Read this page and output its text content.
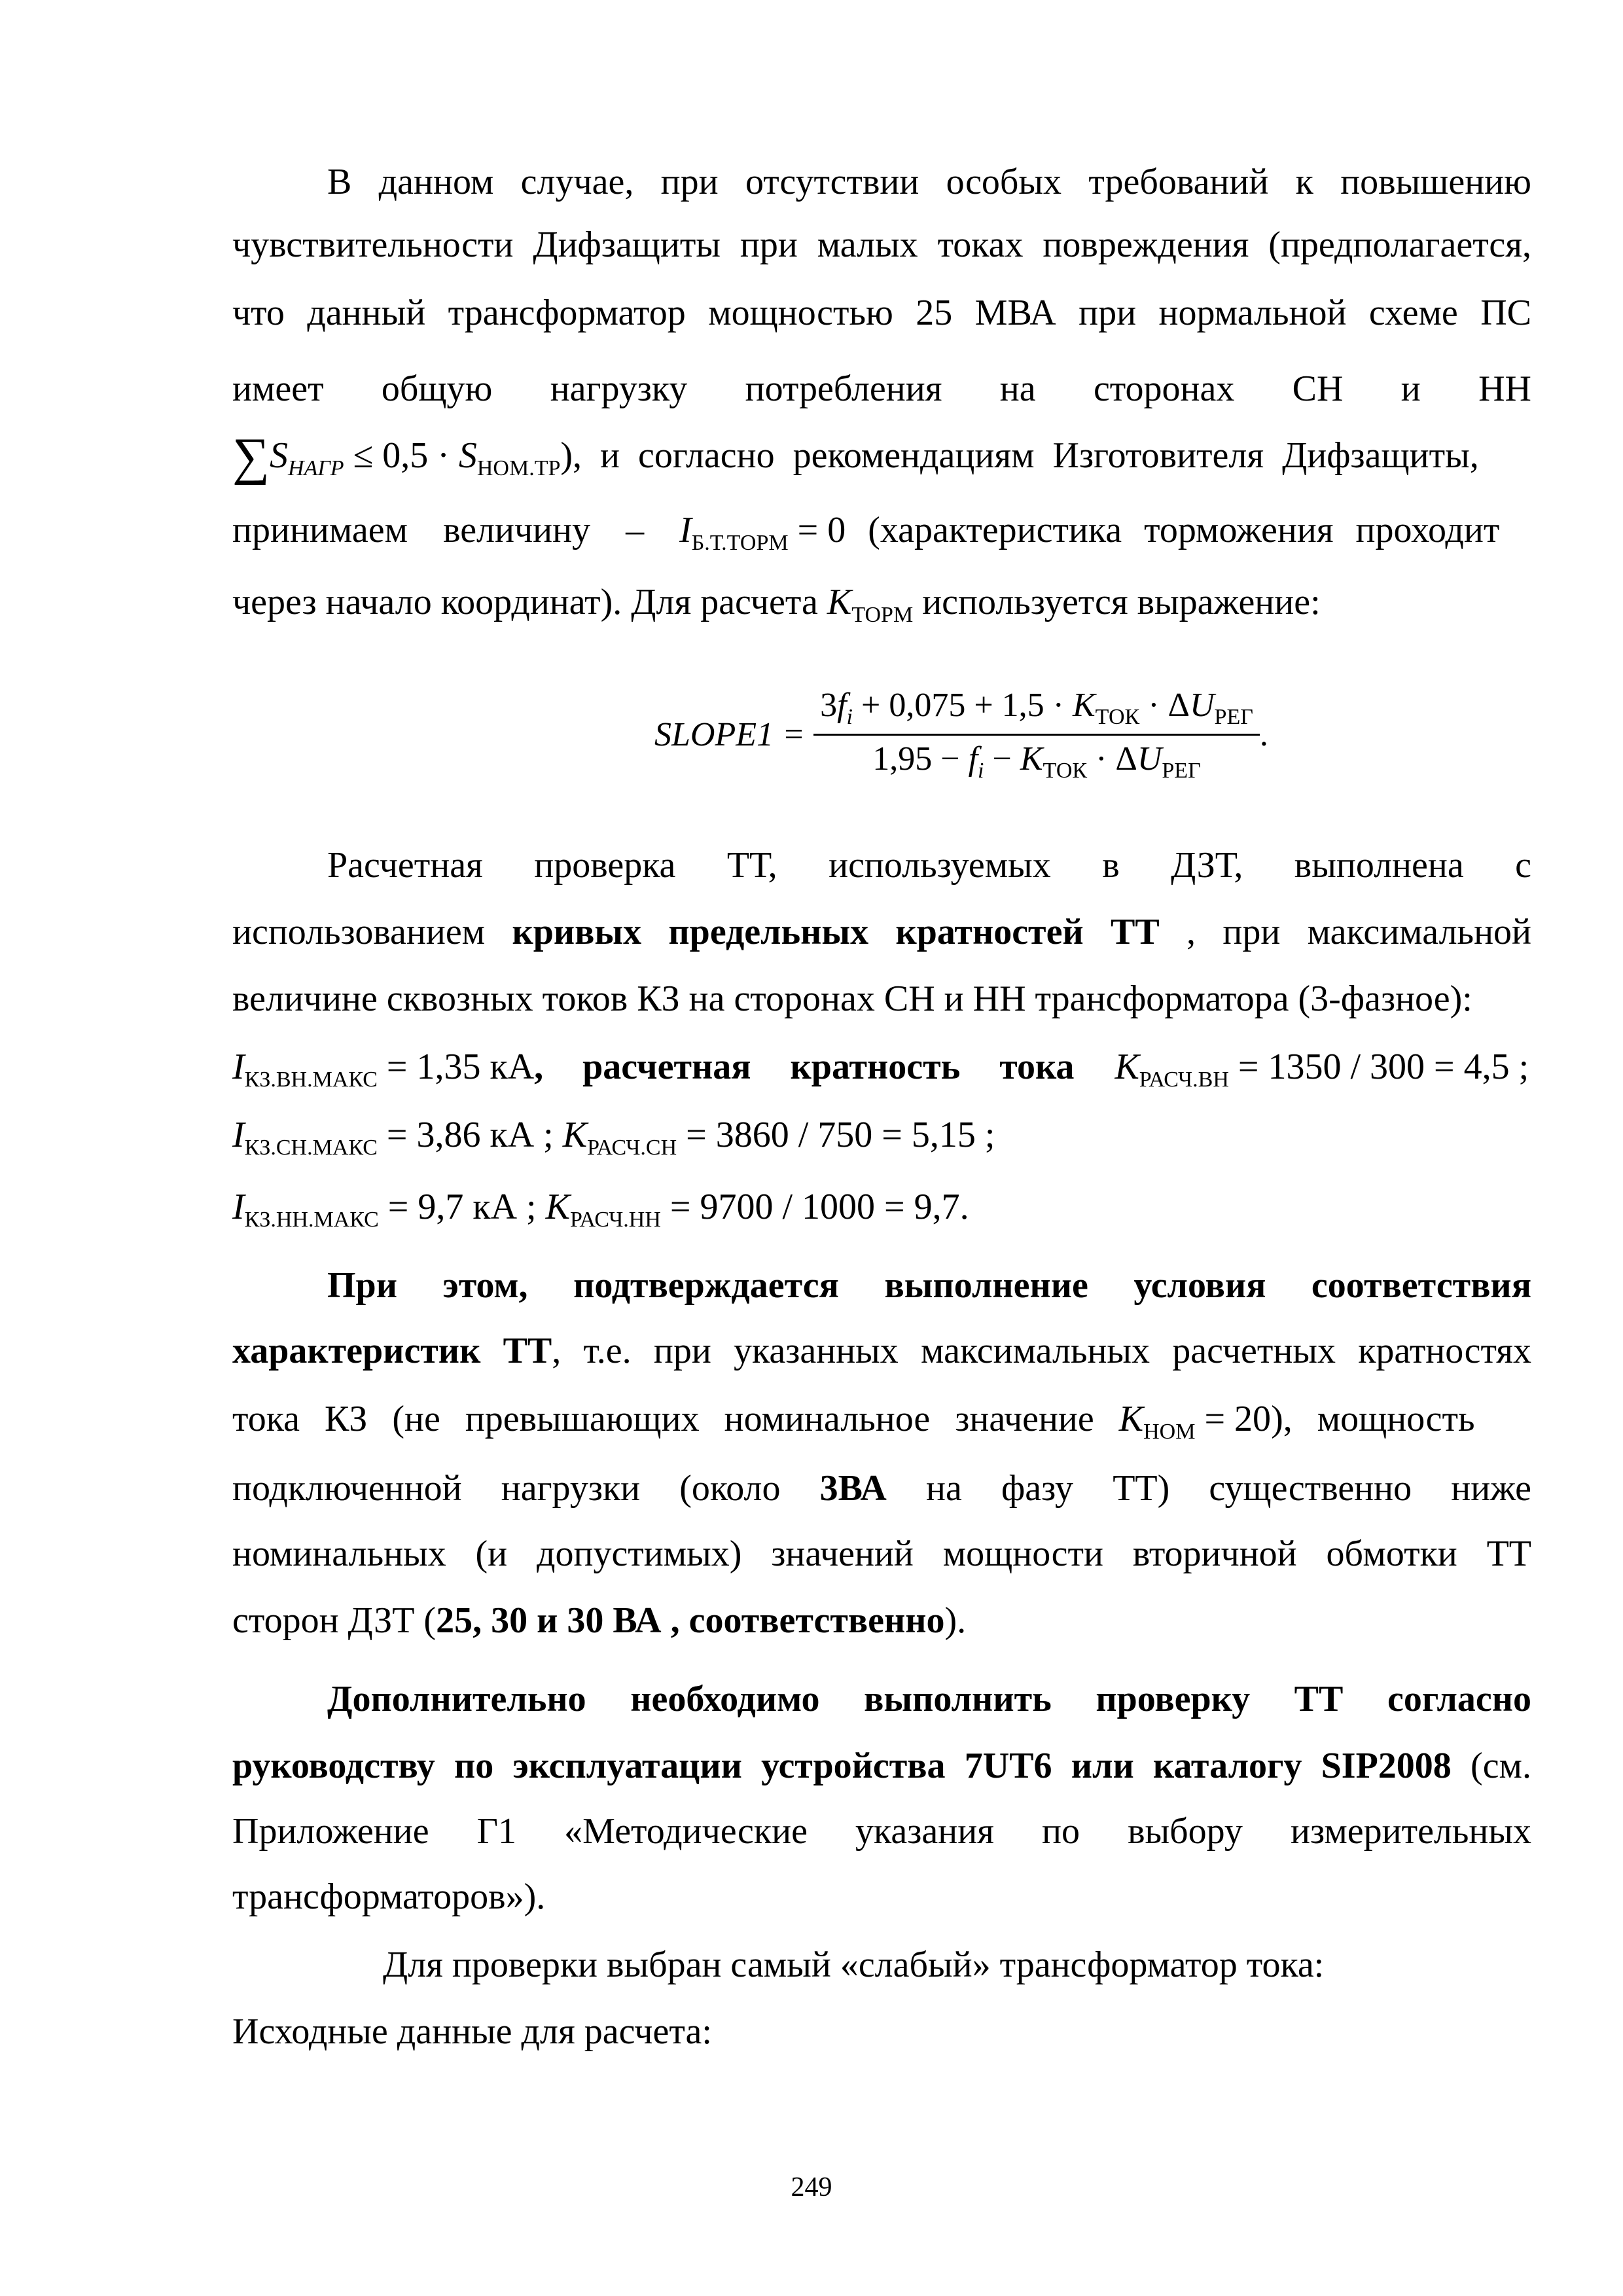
В данном случае, при отсутствии особых требований к повышению
чувствительности Дифзащиты при малых токах повреждения (предполагается,
что данный трансформатор мощностью 25 МВА при нормальной схеме ПС
имеет общую нагрузку потребления на сторонах СН и НН
$\sum S_{НАГР} \le 0,5 \cdot S_{НОМ.ТР}$), и согласно рекомендациям Изготовителя Дифзащиты,
принимаем величину – $I_{Б.Т.ТОРМ} = 0$ (характеристика торможения проходит
через начало координат). Для расчета $K_{ТОРМ}$ используется выражение:
SLOPE1 = $\frac{3f_i + 0,075 + 1,5 \cdot K_{ТОК} \cdot \Delta U_{РЕГ}}{1,95 - f_i - K_{ТОК} \cdot \Delta U_{РЕГ}}$ .
Расчетная проверка ТТ, используемых в ДЗТ, выполнена с
использованием кривых предельных кратностей ТТ , при максимальной
величине сквозных токов КЗ на сторонах СН и НН трансформатора (3-фазное):
$I_{КЗ.ВН.МАКС} = 1,35$ кА, расчетная кратность тока $K_{РАСЧ.ВН} = 1350 / 300 = 4,5$ ;
$I_{КЗ.СН.МАКС} = 3,86$ кА ; $K_{РАСЧ.СН} = 3860 / 750 = 5,15$ ;
$I_{КЗ.НН.МАКС} = 9,7$ кА ; $K_{РАСЧ.НН} = 9700 / 1000 = 9,7$.
При этом, подтверждается выполнение условия соответствия
характеристик ТТ, т.е. при указанных максимальных расчетных кратностях
тока КЗ (не превышающих номинальное значение $K_{НОМ} = 20$), мощность
подключенной нагрузки (около 3ВА на фазу ТТ) существенно ниже
номинальных (и допустимых) значений мощности вторичной обмотки ТТ
сторон ДЗТ (25, 30 и 30 ВА , соответственно).
Дополнительно необходимо выполнить проверку ТТ согласно
руководству по эксплуатации устройства 7UT6 или каталогу SIP2008 (см.
Приложение Г1 «Методические указания по выбору измерительных
трансформаторов»).
Для проверки выбран самый «слабый» трансформатор тока:
Исходные данные для расчета:
249
